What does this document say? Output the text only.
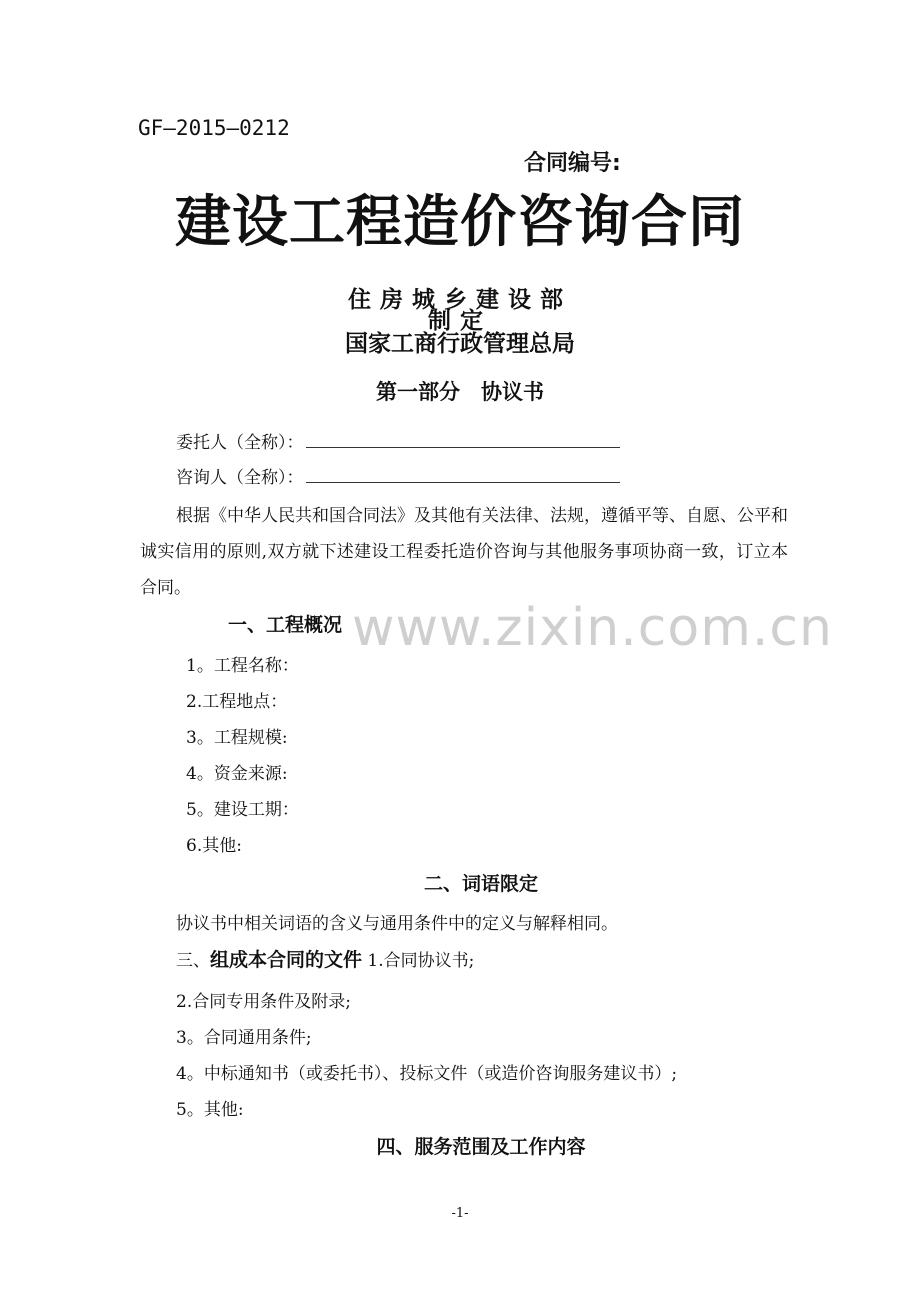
GF—2015—0212
合同编号:
建设工程造价咨询合同
住房城乡建设部
制定
国家工商行政管理总局
第一部分　协议书
委托人（全称）：
咨询人（全称）：
根据《中华人民共和国合同法》及其他有关法律、法规，遵循平等、自愿、公平和诚实信用的原则,双方就下述建设工程委托造价咨询与其他服务事项协商一致，订立本合同。
www.zixin.com.cn
一、工程概况
1。工程名称：
2.工程地点：
3。工程规模:
4。资金来源:
5。建设工期：
6.其他:
二、词语限定
协议书中相关词语的含义与通用条件中的定义与解释相同。
三、组成本合同的文件 1.合同协议书;
2.合同专用条件及附录;
3。合同通用条件;
4。中标通知书（或委托书）、投标文件（或造价咨询服务建议书）;
5。其他:
四、服务范围及工作内容
-1-
